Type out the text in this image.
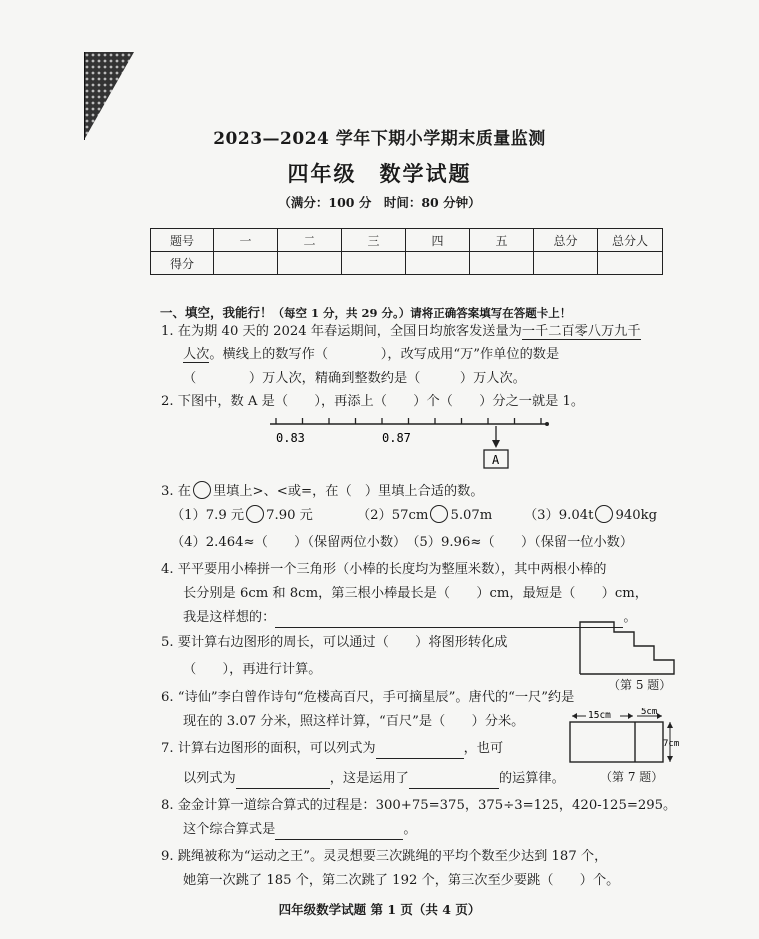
2023—2024 学年下期小学期末质量监测
四年级　数学试题
（满分：100 分　时间：80 分钟）
题号	一	二	三	四	五	总分	总分人
得分							
一、填空，我能行！（每空 1 分，共 29 分。）请将正确答案填写在答题卡上！
1. 在为期 40 天的 2024 年春运期间，全国日均旅客发送量为一千二百零八万九千
人次。横线上的数写作（　　　　），改写成用“万”作单位的数是
（　　　　）万人次，精确到整数约是（　　　）万人次。
2. 下图中，数 A 是（　　），再添上（　　）个（　　）分之一就是 1。
0.83	0.87
A
3. 在 里填上>、<或=，在（　）里填上合适的数。
（1）7.9 元 7.90 元	（2）57cm 5.07m （3）9.04t 940kg
（4）2.464≈（　　）（保留两位小数）　（5）9.96≈（　　）（保留一位小数）
4. 平平要用小棒拼一个三角形（小棒的长度均为整厘米数），其中两根小棒的
长分别是 6cm 和 8cm，第三根小棒最长是（　　）cm，最短是（　　）cm，
我是这样想的：	。
5. 要计算右边图形的周长，可以通过（　　）将图形转化成
（　　），再进行计算。
（第 5 题）
6. “诗仙”李白曾作诗句“危楼高百尺，手可摘星辰”。唐代的“一尺”约是
现在的 3.07 分米，照这样计算，“百尺”是（　　）分米。
7. 计算右边图形的面积，可以列式为	，也可
以列式为	，这是运用了	的运算律。
15cm	5cm
7cm
（第 7 题）
8. 金金计算一道综合算式的过程是：300+75=375，375÷3=125，420-125=295。
这个综合算式是	。
9. 跳绳被称为“运动之王”。灵灵想要三次跳绳的平均个数至少达到 187 个，
她第一次跳了 185 个，第二次跳了 192 个，第三次至少要跳（　　）个。
四年级数学试题 第 1 页（共 4 页）
